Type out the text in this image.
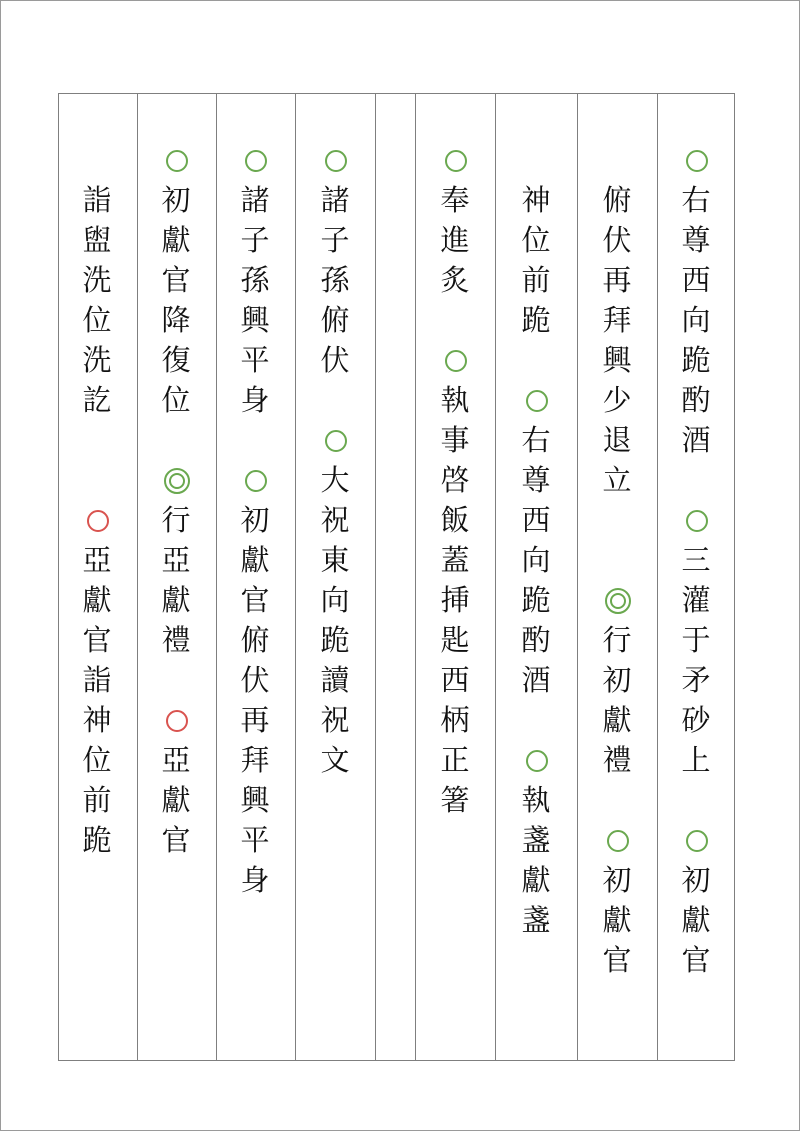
右
尊
西
向
跪
酌
酒
三
灌
于
矛
砂
上
初
獻
官
俯
伏
再
拜
興
少
退
立
行
初
獻
禮
初
獻
官
神
位
前
跪
右
尊
西
向
跪
酌
酒
執
盞
獻
盞
奉
進
炙
執
事
啓
飯
蓋
挿
匙
西
柄
正
箸
諸
子
孫
俯
伏
大
祝
東
向
跪
讀
祝
文
諸
子
孫
興
平
身
初
獻
官
俯
伏
再
拜
興
平
身
初
獻
官
降
復
位
行
亞
獻
禮
亞
獻
官
詣
盥
洗
位
洗
訖
亞
獻
官
詣
神
位
前
跪
